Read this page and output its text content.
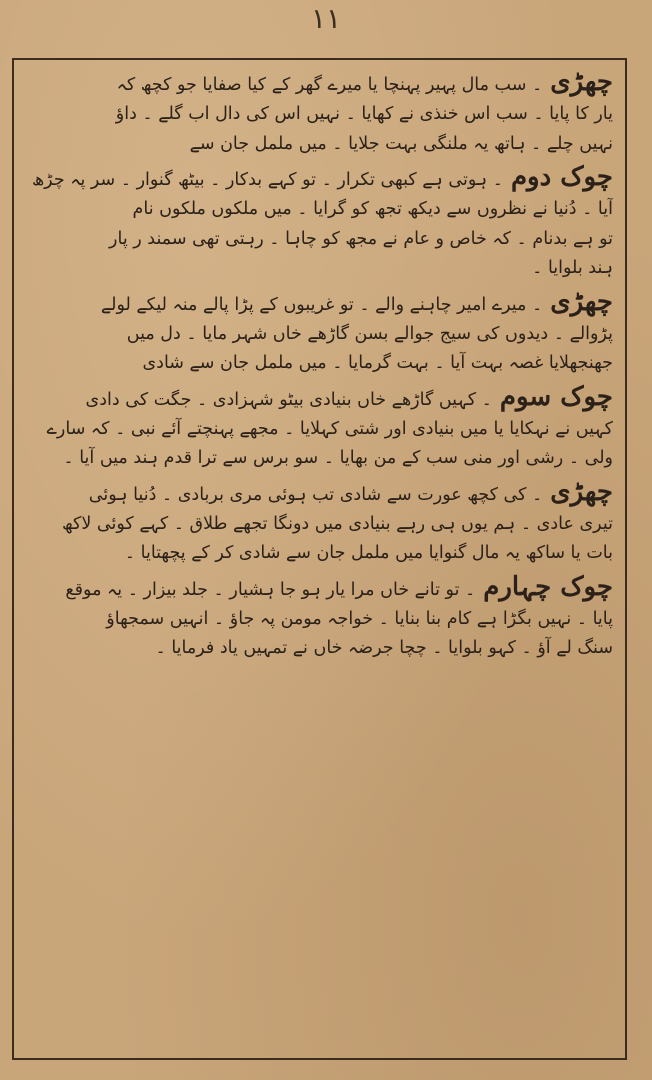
۱۱
چھڑی۔ سب مال پہیر پہنچا یا میرے گھر کے کیا صفایا جو کچھ کہ
یار کا پایا ۔ سب اس خنذی نے کھایا ۔ نہیں اس کی دال اب گلے ۔ داؤ
نہیں چلے ۔ ہاتھ یہ ملنگی بہت جلایا ۔ میں ململ جان سے
چوک دوم۔ ہوتی ہے کبھی تکرار ۔ تو کہے بدکار ۔ بیٹھ گنوار ۔ سر پہ چڑھ
آیا ۔ دُنیا نے نظروں سے دیکھ تجھ کو گرایا ۔ میں ملکوں ملکوں نام
تو ہے بدنام ۔ کہ خاص و عام نے مجھ کو چاہا ۔ رہتی تھی سمند ر پار
ہند بلوایا ۔
چھڑی۔ میرے امیر چاہنے والے ۔ تو غریبوں کے پڑا پالے منہ لیکے لولے
پڑوالے ۔ دیدوں کی سیج جوالے بسن گاڑھے خاں شہر مایا ۔ دل میں
جھنجھلایا غصہ بہت آیا ۔ بہت گرمایا ۔ میں ململ جان سے شادی
چوک سوم۔ کہیں گاڑھے خاں بنیادی بیٹو شہزادی ۔ جگت کی دادی
کہیں نے نہکایا یا میں بنیادی اور شتی کہلایا ۔ مجھے پہنچتے آئے نبی ۔ کہ سارے
ولی ۔ رشی اور منی سب کے من بھایا ۔ سو برس سے ترا قدم ہند میں آیا ۔
چھڑی۔ کی کچھ عورت سے شادی تب ہوئی مری بربادی ۔ دُنیا ہوئی
تیری عادی ۔ ہم یوں ہی رہے بنیادی میں دونگا تجھے طلاق ۔ کہے کوئی لاکھ
بات یا ساکھ یہ مال گنوایا میں ململ جان سے شادی کر کے پچھتایا ۔
چوک چہارم۔ تو تانے خاں مرا یار ہو جا ہشیار ۔ جلد بیزار ۔ یہ موقع
پایا ۔ نہیں بگڑا ہے کام بنا بنایا ۔ خواجہ مومن پہ جاؤ ۔ انہیں سمجھاؤ
سنگ لے آؤ ۔ کہو بلوایا ۔ چچا جرضہ خاں نے تمہیں یاد فرمایا ۔
